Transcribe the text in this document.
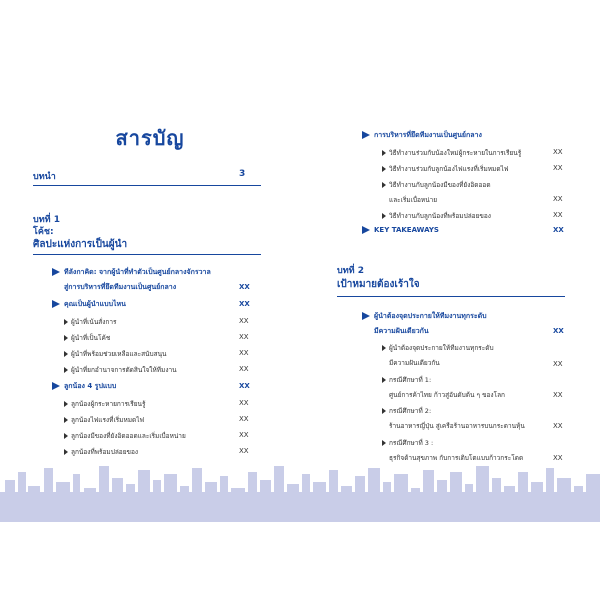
สารบัญ
บทนำ	3
บทที่ 1
โค้ช:
ศิลปะแห่งการเป็นผู้นำ
ทีลังกาคิด: จากผู้นำที่ทำตัวเป็นศูนย์กลางจักรวาล
สู่การบริหารที่ยึดทีมงานเป็นศูนย์กลาง	XX
คุณเป็นผู้นำแบบไหน	XX
ผู้นำที่เน้นสั่งการ	XX
ผู้นำที่เป็นโค้ช	XX
ผู้นำที่พร้อมช่วยเหลือและสนับสนุน	XX
ผู้นำที่ยกอำนาจการตัดสินใจให้ทีมงาน	XX
ลูกน้อง 4 รูปแบบ	XX
ลูกน้องผู้กระหายการเรียนรู้	XX
ลูกน้องไฟแรงที่เริ่มหมดไฟ	XX
ลูกน้องมีของที่ยังอิดออดและเริ่มเบื่อหน่าย	XX
ลูกน้องที่พร้อมปล่อยของ	XX
การบริหารที่ยึดทีมงานเป็นศูนย์กลาง
วิธีทำงานร่วมกับน้องใหม่ผู้กระหายในการเรียนรู้	XX
วิธีทำงานร่วมกับลูกน้องไฟแรงที่เริ่มหมดไฟ	XX
วิธีทำงานกับลูกน้องมีของที่ยังอิดออด
และเริ่มเบื่อหน่าย	XX
วิธีทำงานกับลูกน้องที่พร้อมปล่อยของ	XX
KEY TAKEAWAYS	XX
บทที่ 2
เป้าหมายต้องเร้าใจ
ผู้นำต้องจุดประกายให้ทีมงานทุกระดับ
มีความฝันเดียวกัน	XX
ผู้นำต้องจุดประกายให้ทีมงานทุกระดับ
มีความฝันเดียวกัน	XX
กรณีศึกษาที่ 1:
ศูนย์การค้าไทย ก้าวสู่อันดับต้น ๆ ของโลก	XX
กรณีศึกษาที่ 2:
ร้านอาหารญี่ปุ่น สู่เครือร้านอาหารบนกระดานหุ้น	XX
กรณีศึกษาที่ 3 :
ธุรกิจด้านสุขภาพ กับการเติบโตแบบก้าวกระโดด	XX
